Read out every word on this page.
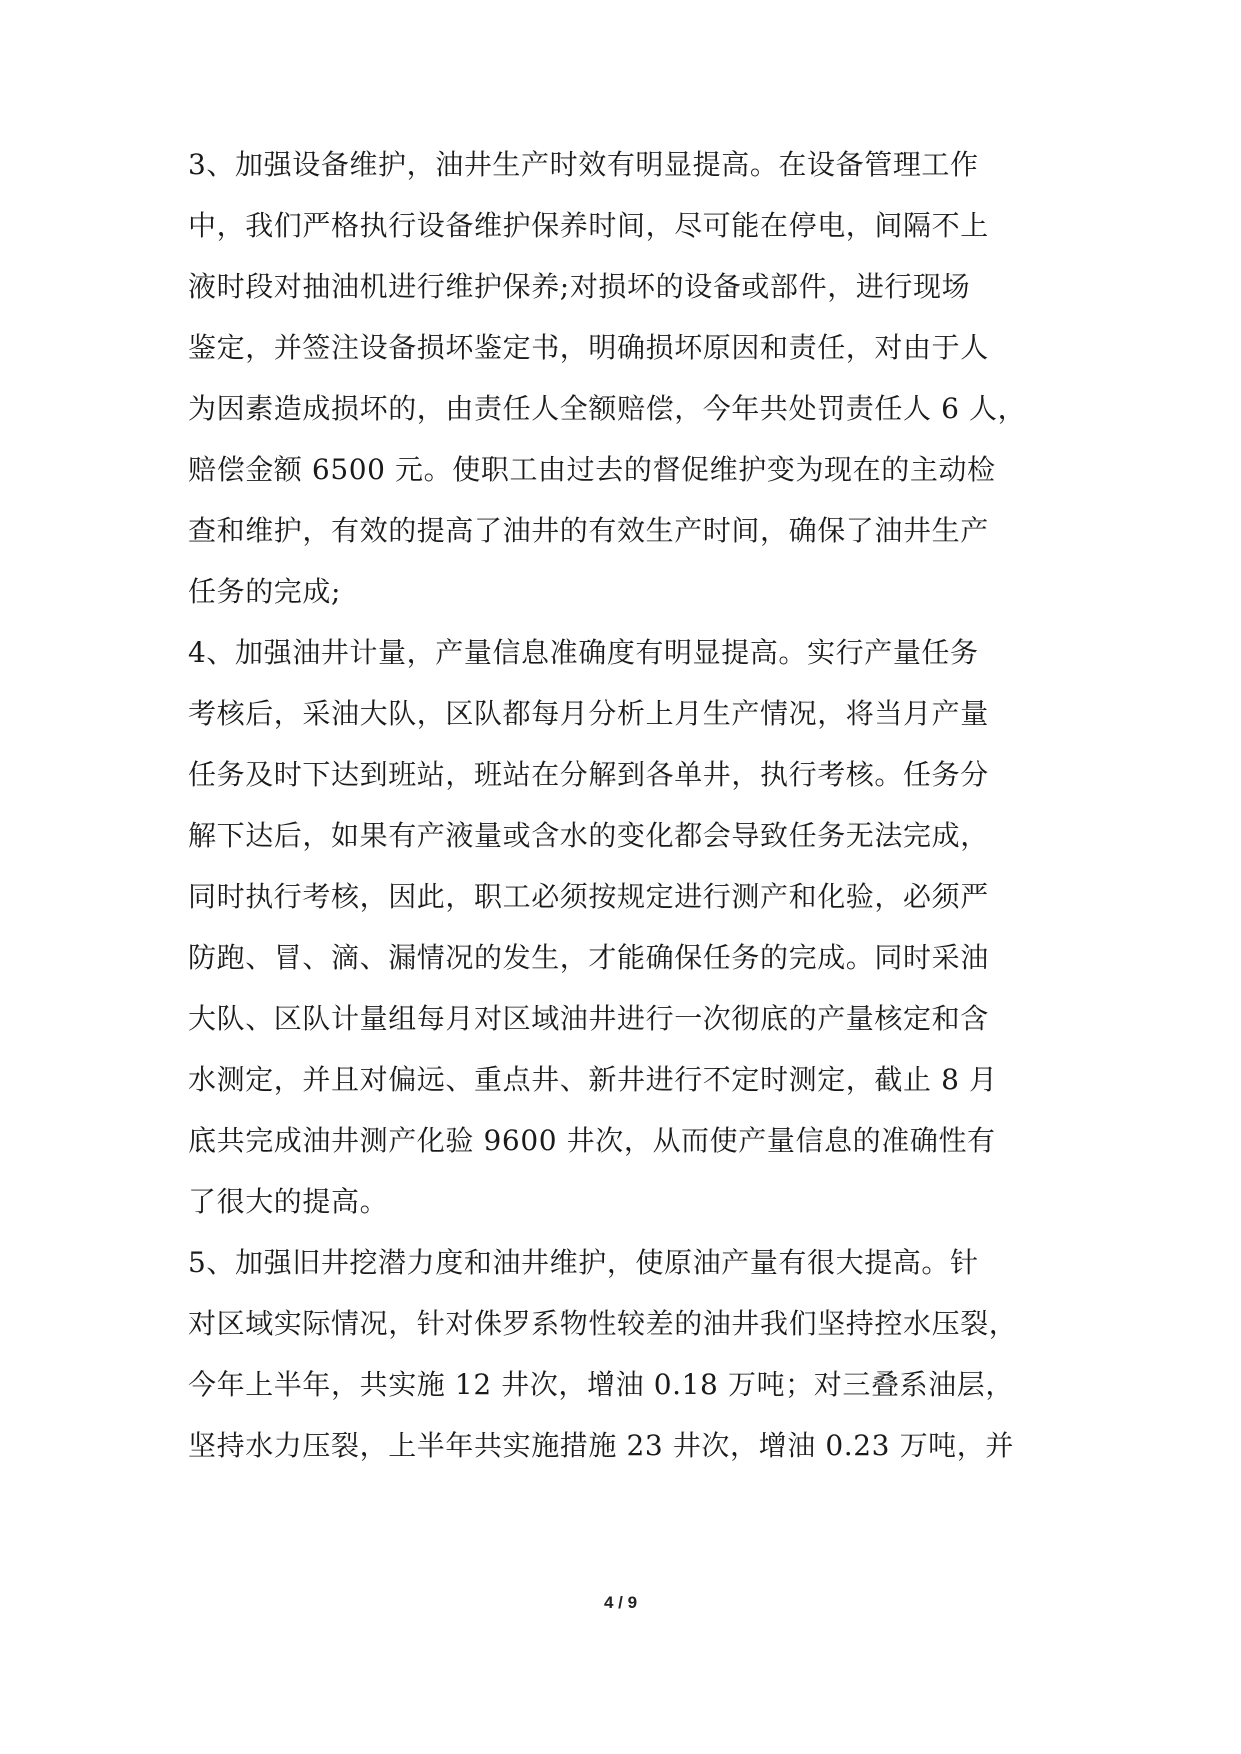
3、加强设备维护，油井生产时效有明显提高。在设备管理工作
中，我们严格执行设备维护保养时间，尽可能在停电，间隔不上
液时段对抽油机进行维护保养;对损坏的设备或部件，进行现场
鉴定，并签注设备损坏鉴定书，明确损坏原因和责任，对由于人
为因素造成损坏的，由责任人全额赔偿，今年共处罚责任人 6 人，
赔偿金额 6500 元。使职工由过去的督促维护变为现在的主动检
查和维护，有效的提高了油井的有效生产时间，确保了油井生产
任务的完成;
4、加强油井计量，产量信息准确度有明显提高。实行产量任务
考核后，采油大队，区队都每月分析上月生产情况，将当月产量
任务及时下达到班站，班站在分解到各单井，执行考核。任务分
解下达后，如果有产液量或含水的变化都会导致任务无法完成，
同时执行考核，因此，职工必须按规定进行测产和化验，必须严
防跑、冒、滴、漏情况的发生，才能确保任务的完成。同时采油
大队、区队计量组每月对区域油井进行一次彻底的产量核定和含
水测定，并且对偏远、重点井、新井进行不定时测定，截止 8 月
底共完成油井测产化验 9600 井次，从而使产量信息的准确性有
了很大的提高。
5、加强旧井挖潜力度和油井维护，使原油产量有很大提高。针
对区域实际情况，针对侏罗系物性较差的油井我们坚持控水压裂，
今年上半年，共实施 12 井次，增油 0.18 万吨；对三叠系油层，
坚持水力压裂，上半年共实施措施 23 井次，增油 0.23 万吨，并
4 / 9
